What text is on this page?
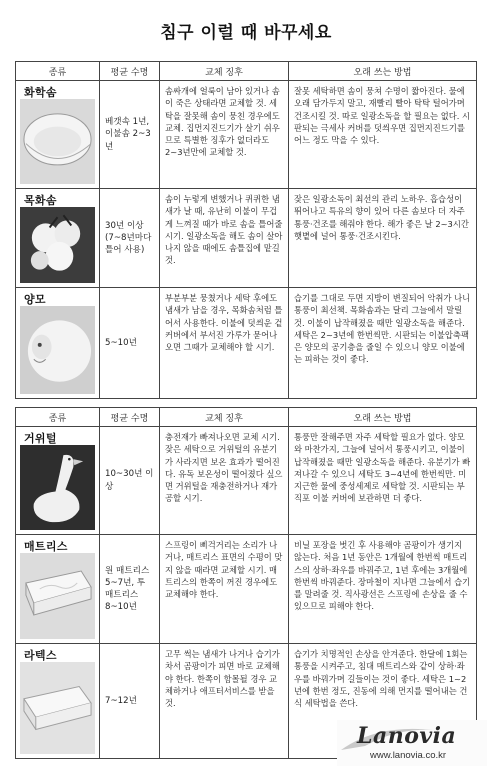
침구 이럴 때 바꾸세요
종류	평균 수명	교체 징후	오래 쓰는 방법

화학솜	베갯속 1년, 이불솜 2~3년	솜싸개에 얼룩이 남아 있거나 솜이 죽은 상태라면 교체할 것. 세탁을 잘못해 솜이 뭉친 경우에도 교체. 집먼지진드기가 살기 쉬우므로 특별한 징후가 없더라도 2~3년만에 교체할 것.	잘못 세탁하면 솜이 뭉쳐 수명이 짧아진다. 물에 오래 담가두지 말고, 재빨리 빨아 탁탁 털어가며 건조시킬 것. 따로 일광소독을 할 필요는 없다. 시판되는 극세사 커버를 덧씌우면 집먼지진드기를 어느 정도 막을 수 있다.

목화솜	30년 이상(7~8년마다 틀어 사용)	솜이 누렇게 변했거나 퀴퀴한 냄새가 날 때, 유난히 이불이 무겁게 느껴질 때가 바로 솜을 틀어줄 시기. 일광소독을 해도 솜이 살아나지 않을 때에도 솜틀집에 맡길 것.	잦은 일광소독이 최선의 관리 노하우. 흡습성이 뛰어나고 특유의 향이 있어 다른 솜보다 더 자주 통풍·건조를 해줘야 한다. 해가 좋은 날 2~3시간 햇볕에 널어 통풍·건조시킨다.

양모	5~10년	부분부분 뭉쳤거나 세탁 후에도 냄새가 남을 경우, 목화솜처럼 틀어서 사용한다. 이불에 덧씌운 겉커버에서 부서진 가루가 묻어나오면 그때가 교체해야 할 시기.	습기를 그대로 두면 지방이 변질되어 악취가 나니 통풍이 최선책. 목화솜과는 달리 그늘에서 말릴 것. 이불이 납작해졌을 때만 일광소독을 해준다. 세탁은 2~3년에 한번씩만. 시판되는 이불압축팩은 양모의 공기층을 줄일 수 있으니 양모 이불에는 피하는 것이 좋다.
종류	평균 수명	교체 징후	오래 쓰는 방법

거위털	10~30년 이상	충전재가 빠져나오면 교체 시기. 잦은 세탁으로 거위털의 유분기가 사라지면 보온 효과가 떨어진다. 유독 보온성이 떨어졌다 싶으면 거위털을 재충전하거나 재가공할 시기.	통풍만 잘해주면 자주 세탁할 필요가 없다. 양모와 마찬가지, 그늘에 널어서 통풍시키고, 이불이 납작해졌을 때만 일광소독을 해준다. 유분기가 빠져나갈 수 있으니 세탁도 3~4년에 한번씩만. 미지근한 물에 중성세제로 세탁할 것. 시판되는 부직포 이불 커버에 보관하면 더 좋다.

매트리스	원 매트리스 5~7년, 투 매트리스 8~10년	스프링이 삐걱거리는 소리가 나거나, 매트리스 표면의 수평이 맞지 않을 때라면 교체할 시기. 매트리스의 한쪽이 꺼진 경우에도 교체해야 한다.	비닐 포장을 벗긴 후 사용해야 곰팡이가 생기지 않는다. 처음 1년 동안은 1개월에 한번씩 매트리스의 상하·좌우를 바꿔주고, 1년 후에는 3개월에 한번씩 바꿔준다. 장마철이 지나면 그늘에서 습기를 말려줄 것. 직사광선은 스프링에 손상을 줄 수 있으므로 피해야 한다.

라텍스	7~12년	고무 썩는 냄새가 나거나 습기가 차서 곰팡이가 피면 바로 교체해야 한다. 한쪽이 함몰될 경우 교체하거나 애프터서비스를 받을 것.	습기가 치명적인 손상을 안겨준다. 한달에 1회는 통풍을 시켜주고, 침대 매트리스와 같이 상하·좌우를 바꿔가며 길들이는 것이 좋다. 세탁은 1~2년에 한번 정도, 진동에 의해 먼지를 떨어내는 건식 세탁법을 쓴다.
Lanovia
www.lanovia.co.kr
